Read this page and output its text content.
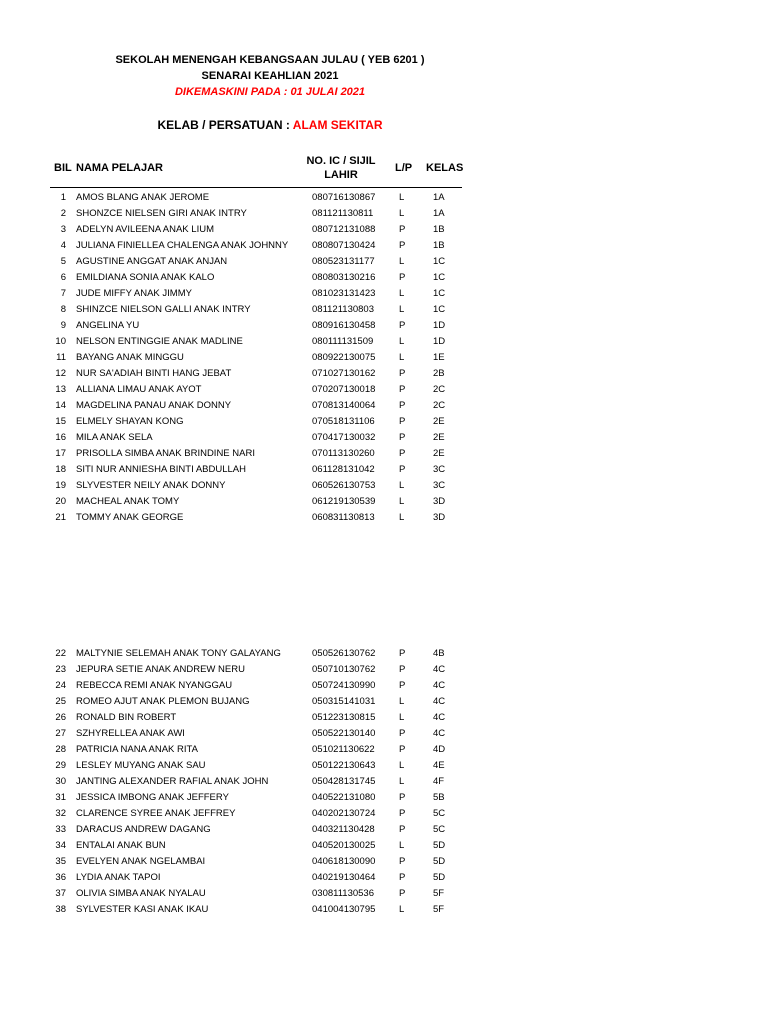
SEKOLAH MENENGAH KEBANGSAAN JULAU ( YEB 6201 )
SENARAI KEAHLIAN 2021
DIKEMASKINI PADA : 01 JULAI 2021
KELAB / PERSATUAN : ALAM SEKITAR
BIL NAMA PELAJAR
NO. IC / SIJIL LAHIR
L/P KELAS
1 AMOS BLANG ANAK JEROME	080716130867 L	1A
2 SHONZCE NIELSEN GIRI ANAK INTRY	081121130811	L	1A
3 ADELYN AVILEENA ANAK LIUM	080712131088 P	1B
4 JULIANA FINIELLEA CHALENGA ANAK JOHNNY	080807130424 P	1B
5 AGUSTINE ANGGAT ANAK ANJAN	080523131177	L	1C
6 EMILDIANA SONIA ANAK KALO	080803130216 P	1C
7 JUDE MIFFY ANAK JIMMY	081023131423 L	1C
8 SHINZCE NIELSON GALLI ANAK INTRY	081121130803	L	1C
9 ANGELINA YU	080916130458 P	1D
10 NELSON ENTINGGIE ANAK MADLINE	080111131509	L	1D
11 BAYANG ANAK MINGGU	080922130075 L	1E
12 NUR SA'ADIAH BINTI HANG JEBAT	071027130162 P	2B
13 ALLIANA LIMAU ANAK AYOT	070207130018 P	2C
14 MAGDELINA PANAU ANAK DONNY	070813140064 P	2C
15 ELMELY SHAYAN KONG	070518131106	P	2E
16 MILA ANAK SELA	070417130032 P	2E
17 PRISOLLA SIMBA ANAK BRINDINE NARI	070113130260	P	2E
18 SITI NUR ANNIESHA BINTI ABDULLAH	061128131042	P	3C
19 SLYVESTER NEILY ANAK DONNY	060526130753 L	3C
20 MACHEAL ANAK TOMY	061219130539 L	3D
21 TOMMY ANAK GEORGE	060831130813	L	3D
22 MALTYNIE SELEMAH ANAK TONY GALAYANG	050526130762 P	4B
23 JEPURA SETIE ANAK ANDREW NERU	050710130762 P	4C
24 REBECCA REMI ANAK NYANGGAU	050724130990 P	4C
25 ROMEO AJUT ANAK PLEMON BUJANG	050315141031 L	4C
26 RONALD BIN ROBERT	051223130815 L	4C
27 SZHYRELLEA ANAK AWI	050522130140 P	4C
28 PATRICIA NANA ANAK RITA	051021130622	P	4D
29 LESLEY MUYANG ANAK SAU	050122130643 L	4E
30 JANTING ALEXANDER RAFIAL ANAK JOHN	050428131745 L	4F
31 JESSICA IMBONG ANAK JEFFERY	040522131080 P	5B
32 CLARENCE SYREE ANAK JEFFREY	040202130724 P	5C
33 DARACUS ANDREW DAGANG	040321130428	P	5C
34 ENTALAI ANAK BUN	040520130025 L	5D
35 EVELYEN ANAK NGELAMBAI	040618130090 P	5D
36 LYDIA ANAK TAPOI	040219130464 P	5D
37 OLIVIA SIMBA ANAK NYALAU	030811130536	P	5F
38 SYLVESTER KASI ANAK IKAU	041004130795 L	5F
